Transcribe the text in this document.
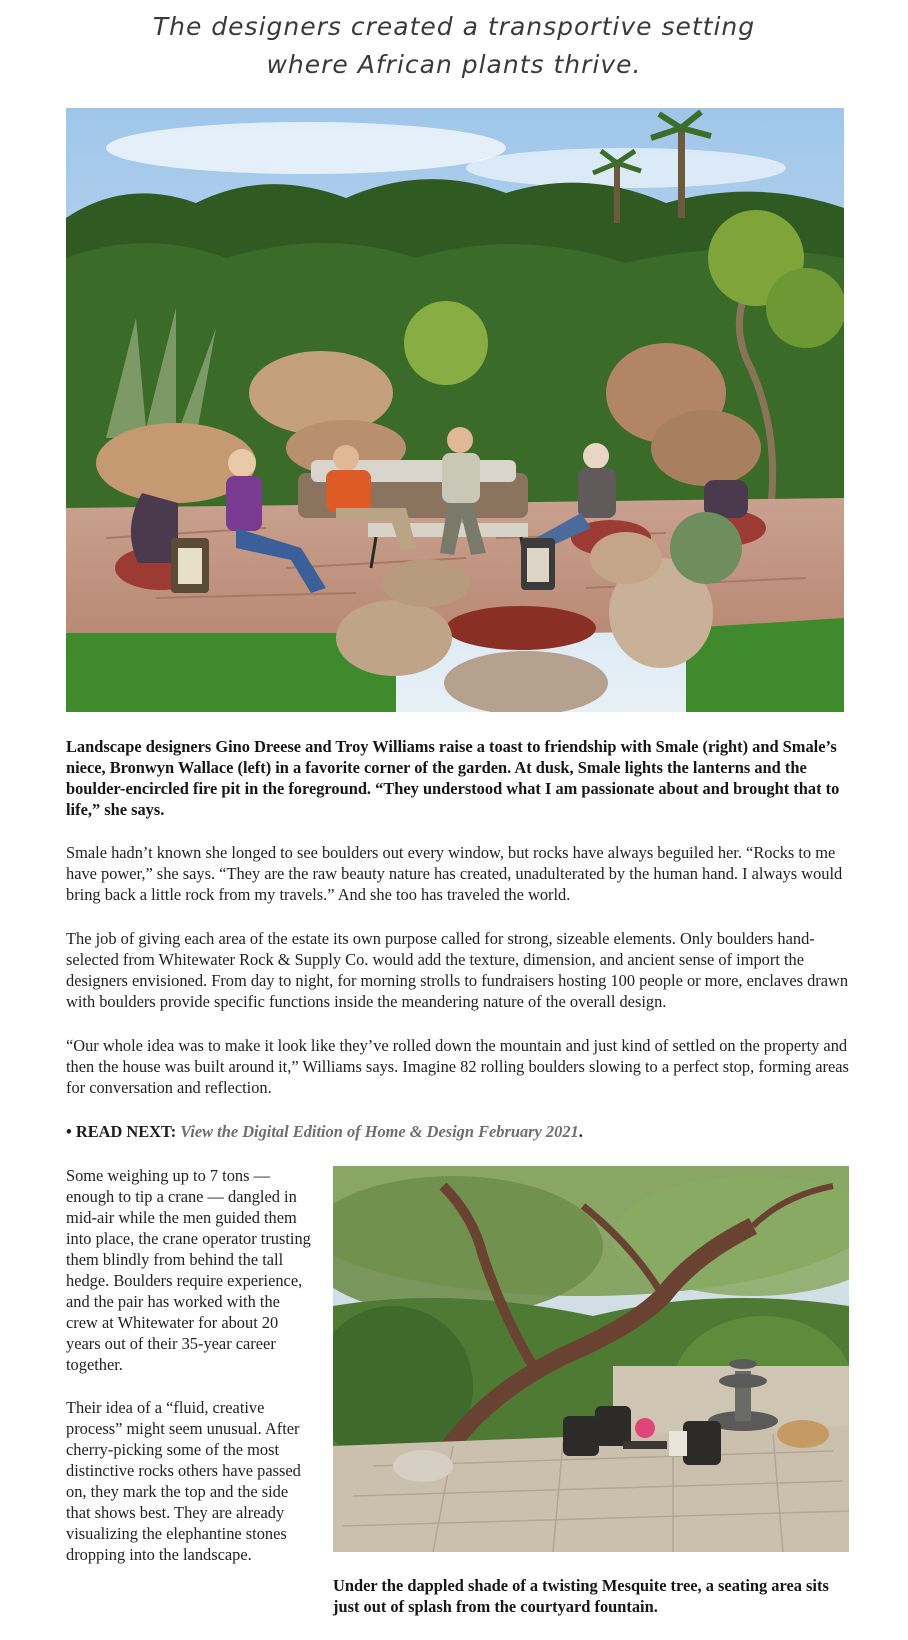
The designers created a transportive setting
where African plants thrive.
Landscape designers Gino Dreese and Troy Williams raise a toast to friendship with Smale (right) and Smale’s niece, Bronwyn Wallace (left) in a favorite corner of the garden. At dusk, Smale lights the lanterns and the boulder-encircled fire pit in the foreground. “They understood what I am passionate about and brought that to life,” she says.

Smale hadn’t known she longed to see boulders out every window, but rocks have always beguiled her. “Rocks to me have power,” she says. “They are the raw beauty nature has created, unadulterated by the human hand. I always would bring back a little rock from my travels.” And she too has traveled the world.

The job of giving each area of the estate its own purpose called for strong, sizeable elements. Only boulders hand-selected from Whitewater Rock & Supply Co. would add the texture, dimension, and ancient sense of import the designers envisioned. From day to night, for morning strolls to fundraisers hosting 100 people or more, enclaves drawn with boulders provide specific functions inside the meandering nature of the overall design.

“Our whole idea was to make it look like they’ve rolled down the mountain and just kind of settled on the property and then the house was built around it,” Williams says. Imagine 82 rolling boulders slowing to a perfect stop, forming areas for conversation and reflection.

• READ NEXT: View the Digital Edition of Home & Design February 2021.

Some weighing up to 7 tons — enough to tip a crane — dangled in mid-air while the men guided them into place, the crane operator trusting them blindly from behind the tall hedge. Boulders require experience, and the pair has worked with the crew at Whitewater for about 20 years out of their 35-year career together.

Their idea of a “fluid, creative process” might seem unusual. After cherry-picking some of the most distinctive rocks others have passed on, they mark the top and the side that shows best. They are already visualizing the elephantine stones dropping into the landscape.

Under the dappled shade of a twisting Mesquite tree, a seating area sits just out of splash from the courtyard fountain.
